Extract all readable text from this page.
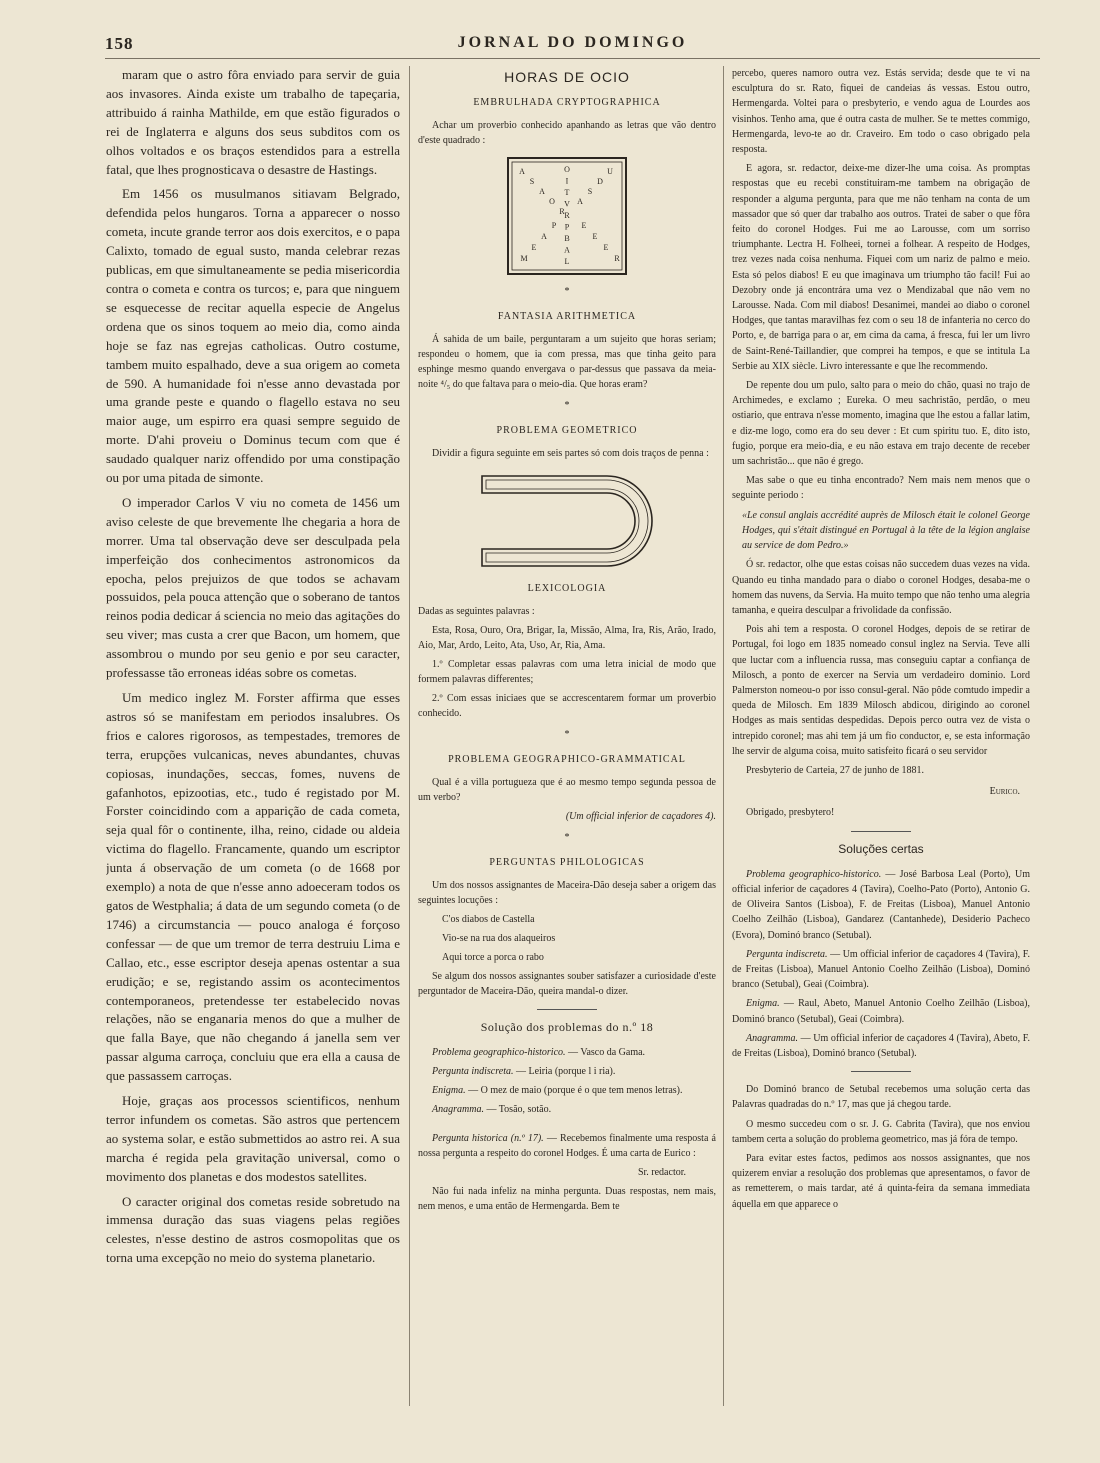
158	JORNAL DO DOMINGO

maram que o astro fôra enviado para servir de guia aos invasores. Ainda existe um trabalho de tapeçaria, attribuido á rainha Mathilde, em que estão figurados o rei de Inglaterra e alguns dos seus subditos com os olhos voltados e os braços estendidos para a estrella fatal, que lhes prognosticava o desastre de Hastings.

Em 1456 os musulmanos sitiavam Belgrado, defendida pelos hungaros. Torna a apparecer o nosso cometa, incute grande terror aos dois exercitos, e o papa Calixto, tomado de egual susto, manda celebrar rezas publicas, em que simultaneamente se pedia misericordia contra o cometa e contra os turcos; e, para que ninguem se esquecesse de recitar aquella especie de Angelus ordena que os sinos toquem ao meio dia, como ainda hoje se faz nas egrejas catholicas. Outro costume, tambem muito espalhado, deve a sua origem ao cometa de 590. A humanidade foi n'esse anno devastada por uma grande peste e quando o flagello estava no seu maior auge, um espirro era quasi sempre seguido de morte. D'ahi proveiu o Dominus tecum com que é saudado qualquer nariz offendido por uma constipação ou por uma pitada de simonte.

O imperador Carlos V viu no cometa de 1456 um aviso celeste de que brevemente lhe chegaria a hora de morrer. Uma tal observação deve ser desculpada pela imperfeição dos conhecimentos astronomicos da epocha, pelos prejuizos de que todos se achavam possuidos, pela pouca attenção que o soberano de tantos reinos podia dedicar á sciencia no meio das agitações do seu viver; mas custa a crer que Bacon, um homem, que assombrou o mundo por seu genio e por seu caracter, professasse tão erroneas idéas sobre os cometas.

Um medico inglez M. Forster affirma que esses astros só se manifestam em periodos insalubres. Os frios e calores rigorosos, as tempestades, tremores de terra, erupções vulcanicas, neves abundantes, chuvas copiosas, inundações, seccas, fomes, nuvens de gafanhotos, epizootias, etc., tudo é registado por M. Forster coincidindo com a apparição de cada cometa, seja qual fôr o continente, ilha, reino, cidade ou aldeia victima do flagello. Francamente, quando um escriptor junta á observação de um cometa (o de 1668 por exemplo) a nota de que n'esse anno adoeceram todos os gatos de Westphalia; á data de um segundo cometa (o de 1746) a circumstancia — pouco analoga é forçoso confessar — de que um tremor de terra destruiu Lima e Callao, etc., esse escriptor deseja apenas ostentar a sua erudição; e se, registando assim os acontecimentos contemporaneos, pretendesse ter estabelecido novas relações, não se enganaria menos do que a mulher de que falla Baye, que não chegando á janella sem ver passar alguma carroça, concluiu que era ella a causa de que passassem carroças.

Hoje, graças aos processos scientificos, nenhum terror infundem os cometas. São astros que pertencem ao systema solar, e estão submettidos ao astro rei. A sua marcha é regida pela gravitação universal, como o movimento dos planetas e dos modestos satellites.

O caracter original dos cometas reside sobretudo na immensa duração das suas viagens pelas regiões celestes, n'esse destino de astros cosmopolitas que os torna uma excepção no meio do systema planetario.

HORAS DE OCIO
EMBRULHADA CRYPTOGRAPHICA

Achar um proverbio conhecido apanhando as letras que vão dentro d'este quadrado :

O
I
T
V
R
P
B
A
L
A
S
A
O
R
E
E
E
R
U
D
S
A
P
A
E
M
*
FANTASIA ARITHMETICA

Á sahida de um baile, perguntaram a um sujeito que horas seriam; respondeu o homem, que ia com pressa, mas que tinha geito para esphinge mesmo quando envergava o par-dessus que passava da meia-noite ⁴/₅ do que faltava para o meio-dia. Que horas eram?

*
PROBLEMA GEOMETRICO

Dividir a figura seguinte em seis partes só com dois traços de penna :

LEXICOLOGIA

Dadas as seguintes palavras :

Esta, Rosa, Ouro, Ora, Brigar, Ia, Missão, Alma, Ira, Ris, Arão, Irado, Aio, Mar, Ardo, Leito, Ata, Uso, Ar, Ria, Ama.

1.º Completar essas palavras com uma letra inicial de modo que formem palavras differentes;

2.º Com essas iniciaes que se accrescentarem formar um proverbio conhecido.

*
PROBLEMA GEOGRAPHICO-GRAMMATICAL

Qual é a villa portugueza que é ao mesmo tempo segunda pessoa de um verbo?

(Um official inferior de caçadores 4).

*
PERGUNTAS PHILOLOGICAS

Um dos nossos assignantes de Maceira-Dão deseja saber a origem das seguintes locuções :

C'os diabos de Castella

Vio-se na rua dos alaqueiros

Aqui torce a porca o rabo

Se algum dos nossos assignantes souber satisfazer a curiosidade d'este perguntador de Maceira-Dão, queira mandal-o dizer.

Solução dos problemas do n.º 18

Problema geographico-historico. — Vasco da Gama.

Pergunta indiscreta. — Leiria (porque l i ria).

Enigma. — O mez de maio (porque é o que tem menos letras).

Anagramma. — Tosão, sotão.

Pergunta historica (n.º 17). — Recebemos finalmente uma resposta á nossa pergunta a respeito do coronel Hodges. É uma carta de Eurico :

Sr. redactor.

Não fui nada infeliz na minha pergunta. Duas respostas, nem mais, nem menos, e uma então de Hermengarda. Bem te

percebo, queres namoro outra vez. Estás servida; desde que te vi na esculptura do sr. Rato, fiquei de candeias ás vessas. Estou outro, Hermengarda. Voltei para o presbyterio, e vendo agua de Lourdes aos visinhos. Tenho ama, que é outra casta de mulher. Se te mettes commigo, Hermengarda, levo-te ao dr. Craveiro. Em todo o caso obrigado pela resposta.

E agora, sr. redactor, deixe-me dizer-lhe uma coisa. As promptas respostas que eu recebi constituiram-me tambem na obrigação de responder a alguma pergunta, para que me não tenham na conta de um massador que só quer dar trabalho aos outros. Tratei de saber o que fôra feito do coronel Hodges. Fui me ao Larousse, com um sorriso triumphante. Lectra H. Folheei, tornei a folhear. A respeito de Hodges, trez vezes nada coisa nenhuma. Fiquei com um nariz de palmo e meio. Esta só pelos diabos! E eu que imaginava um triumpho tão facil! Fui ao Dezobry onde já encontrára uma vez o Mendizabal que não vem no Larousse. Nada. Com mil diabos! Desanimei, mandei ao diabo o coronel Hodges, que tantas maravilhas fez com o seu 18 de infanteria no cerco do Porto, e, de barriga para o ar, em cima da cama, á fresca, fui ler um livro de Saint-René-Taillandier, que comprei ha tempos, e que se intitula La Serbie au XIX siècle. Livro interessante e que lhe recommendo.

De repente dou um pulo, salto para o meio do chão, quasi no trajo de Archimedes, e exclamo ; Eureka. O meu sachristão, perdão, o meu ostiario, que entrava n'esse momento, imagina que lhe estou a fallar latim, e diz-me logo, como era do seu dever : Et cum spiritu tuo. E, dito isto, fugio, porque era meio-dia, e eu não estava em trajo decente de receber um sachristão... que não é grego.

Mas sabe o que eu tinha encontrado? Nem mais nem menos que o seguinte periodo :

«Le consul anglais accrédité auprès de Milosch était le colonel George Hodges, qui s'était distingué en Portugal à la tête de la légion anglaise au service de dom Pedro.»

Ó sr. redactor, olhe que estas coisas não succedem duas vezes na vida. Quando eu tinha mandado para o diabo o coronel Hodges, desaba-me o homem das nuvens, da Servia. Ha muito tempo que não tenho uma alegria tamanha, e queira desculpar a frivolidade da confissão.

Pois ahi tem a resposta. O coronel Hodges, depois de se retirar de Portugal, foi logo em 1835 nomeado consul inglez na Servia. Teve alli que luctar com a influencia russa, mas conseguiu captar a confiança de Milosch, a ponto de exercer na Servia um verdadeiro dominio. Lord Palmerston nomeou-o por isso consul-geral. Não pôde comtudo impedir a queda de Milosch. Em 1839 Milosch abdicou, dirigindo ao coronel Hodges as mais sentidas despedidas. Depois perco outra vez de vista o intrepido coronel; mas ahi tem já um fio conductor, e, se esta informação lhe servir de alguma coisa, muito satisfeito ficará o seu servidor

Presbyterio de Carteia, 27 de junho de 1881.

Eurico.

Obrigado, presbytero!

Soluções certas

Problema geographico-historico. — José Barbosa Leal (Porto), Um official inferior de caçadores 4 (Tavira), Coelho-Pato (Porto), Antonio G. de Oliveira Santos (Lisboa), F. de Freitas (Lisboa), Manuel Antonio Coelho Zeilhão (Lisboa), Gandarez (Cantanhede), Desiderio Pacheco (Evora), Dominó branco (Setubal).

Pergunta indiscreta. — Um official inferior de caçadores 4 (Tavira), F. de Freitas (Lisboa), Manuel Antonio Coelho Zeilhão (Lisboa), Dominó branco (Setubal), Geai (Coimbra).

Enigma. — Raul, Abeto, Manuel Antonio Coelho Zeilhão (Lisboa), Dominó branco (Setubal), Geai (Coimbra).

Anagramma. — Um official inferior de caçadores 4 (Tavira), Abeto, F. de Freitas (Lisboa), Dominó branco (Setubal).

Do Dominó branco de Setubal recebemos uma solução certa das Palavras quadradas do n.º 17, mas que já chegou tarde.

O mesmo succedeu com o sr. J. G. Cabrita (Tavira), que nos enviou tambem certa a solução do problema geometrico, mas já fóra de tempo.

Para evitar estes factos, pedimos aos nossos assignantes, que nos quizerem enviar a resolução dos problemas que apresentamos, o favor de as remetterem, o mais tardar, até á quinta-feira da semana immediata áquella em que apparece o
